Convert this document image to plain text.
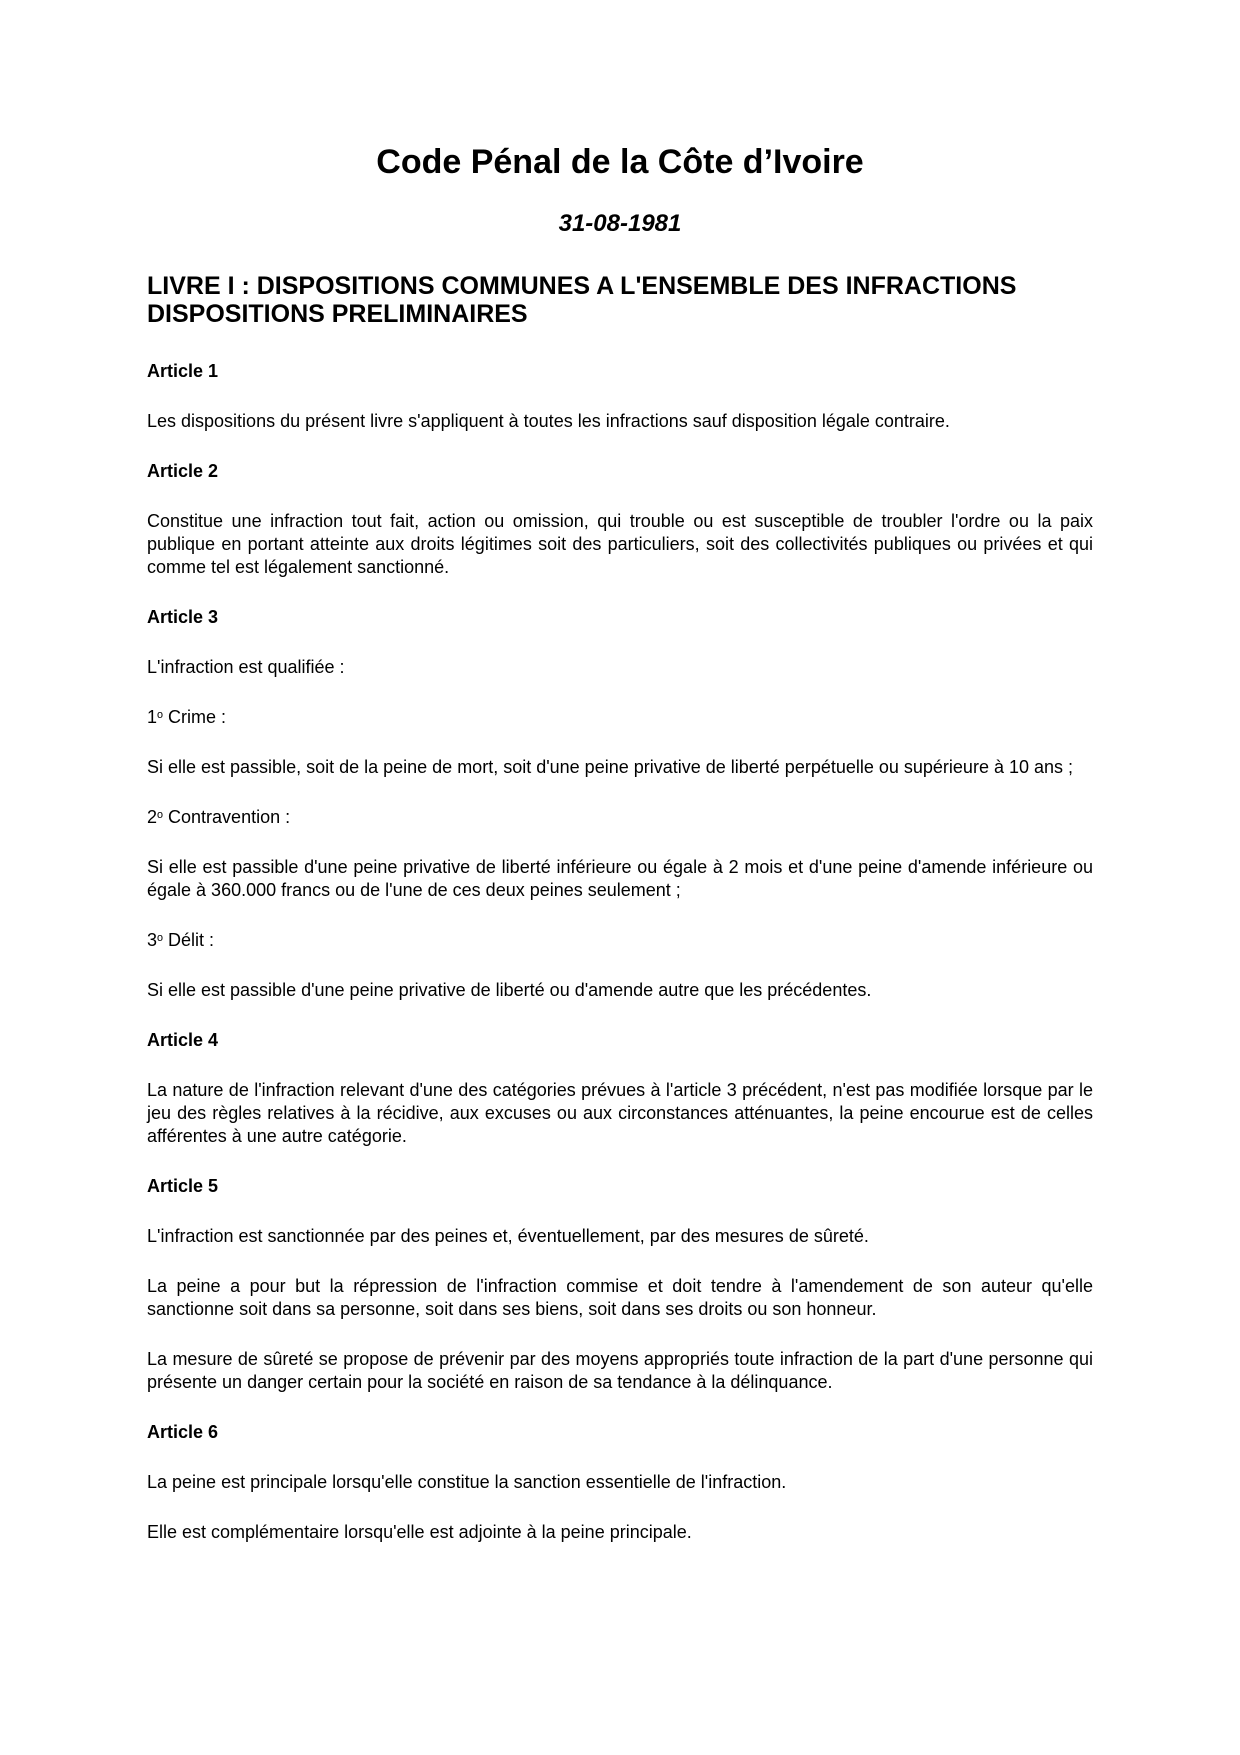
Code Pénal de la Côte d’Ivoire

31-08-1981

LIVRE I : DISPOSITIONS COMMUNES A L'ENSEMBLE DES INFRACTIONS
DISPOSITIONS PRELIMINAIRES
Article 1

Les dispositions du présent livre s'appliquent à toutes les infractions sauf disposition légale contraire.

Article 2

Constitue une infraction tout fait, action ou omission, qui trouble ou est susceptible de troubler l'ordre ou la paix publique en portant atteinte aux droits légitimes soit des particuliers, soit des collectivités publiques ou privées et qui comme tel est légalement sanctionné.

Article 3

L'infraction est qualifiée :

1$^o$ Crime :

Si elle est passible, soit de la peine de mort, soit d'une peine privative de liberté perpétuelle ou supérieure à 10 ans ;

2$^o$ Contravention :

Si elle est passible d'une peine privative de liberté inférieure ou égale à 2 mois et d'une peine d'amende inférieure ou égale à 360.000 francs ou de l'une de ces deux peines seulement ;

3$^o$ Délit :

Si elle est passible d'une peine privative de liberté ou d'amende autre que les précédentes.

Article 4

La nature de l'infraction relevant d'une des catégories prévues à l'article 3 précédent, n'est pas modifiée lorsque par le jeu des règles relatives à la récidive, aux excuses ou aux circonstances atténuantes, la peine encourue est de celles afférentes à une autre catégorie.

Article 5

L'infraction est sanctionnée par des peines et, éventuellement, par des mesures de sûreté.

La peine a pour but la répression de l'infraction commise et doit tendre à l'amendement de son auteur qu'elle sanctionne soit dans sa personne, soit dans ses biens, soit dans ses droits ou son honneur.

La mesure de sûreté se propose de prévenir par des moyens appropriés toute infraction de la part d'une personne qui présente un danger certain pour la société en raison de sa tendance à la délinquance.

Article 6

La peine est principale lorsqu'elle constitue la sanction essentielle de l'infraction.

Elle est complémentaire lorsqu'elle est adjointe à la peine principale.
